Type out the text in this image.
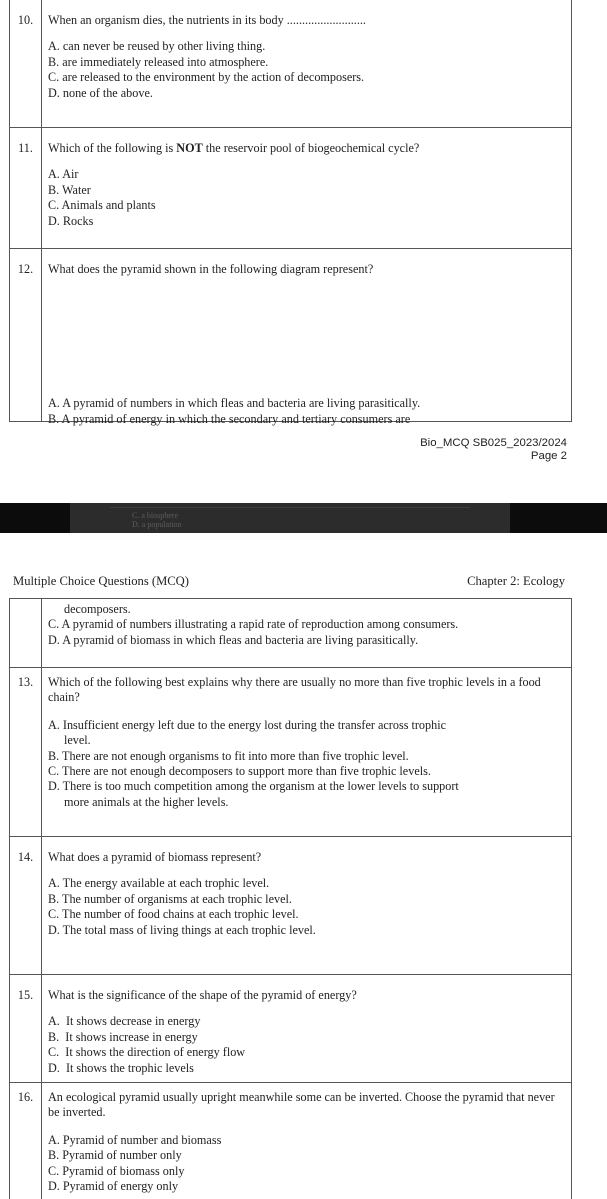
10.	When an organism dies, the nutrients in its body ..........................
A. can never be reused by other living thing.
B. are immediately released into atmosphere.
C. are released to the environment by the action of decomposers.
D. none of the above.
11.	Which of the following is NOT the reservoir pool of biogeochemical cycle?
A. Air
B. Water
C. Animals and plants
D. Rocks
12.	What does the pyramid shown in the following diagram represent?
A. A pyramid of numbers in which fleas and bacteria are living parasitically.
B. A pyramid of energy in which the secondary and tertiary consumers are
Bio_MCQ SB025_2023/2024
Page 2
C. a biosphere
D. a population
Multiple Choice Questions (MCQ)	Chapter 2: Ecology
decomposers.
C. A pyramid of numbers illustrating a rapid rate of reproduction among consumers.
D. A pyramid of biomass in which fleas and bacteria are living parasitically.
13.	Which of the following best explains why there are usually no more than five trophic levels in a food chain?
A. Insufficient energy left due to the energy lost during the transfer across trophic
level.
B. There are not enough organisms to fit into more than five trophic level.
C. There are not enough decomposers to support more than five trophic levels.
D. There is too much competition among the organism at the lower levels to support
more animals at the higher levels.
14.	What does a pyramid of biomass represent?
A. The energy available at each trophic level.
B. The number of organisms at each trophic level.
C. The number of food chains at each trophic level.
D. The total mass of living things at each trophic level.
15.	What is the significance of the shape of the pyramid of energy?
A.  It shows decrease in energy
B.  It shows increase in energy
C.  It shows the direction of energy flow
D.  It shows the trophic levels
16.	An ecological pyramid usually upright meanwhile some can be inverted. Choose the pyramid that never be inverted.
A. Pyramid of number and biomass
B. Pyramid of number only
C. Pyramid of biomass only
D. Pyramid of energy only
